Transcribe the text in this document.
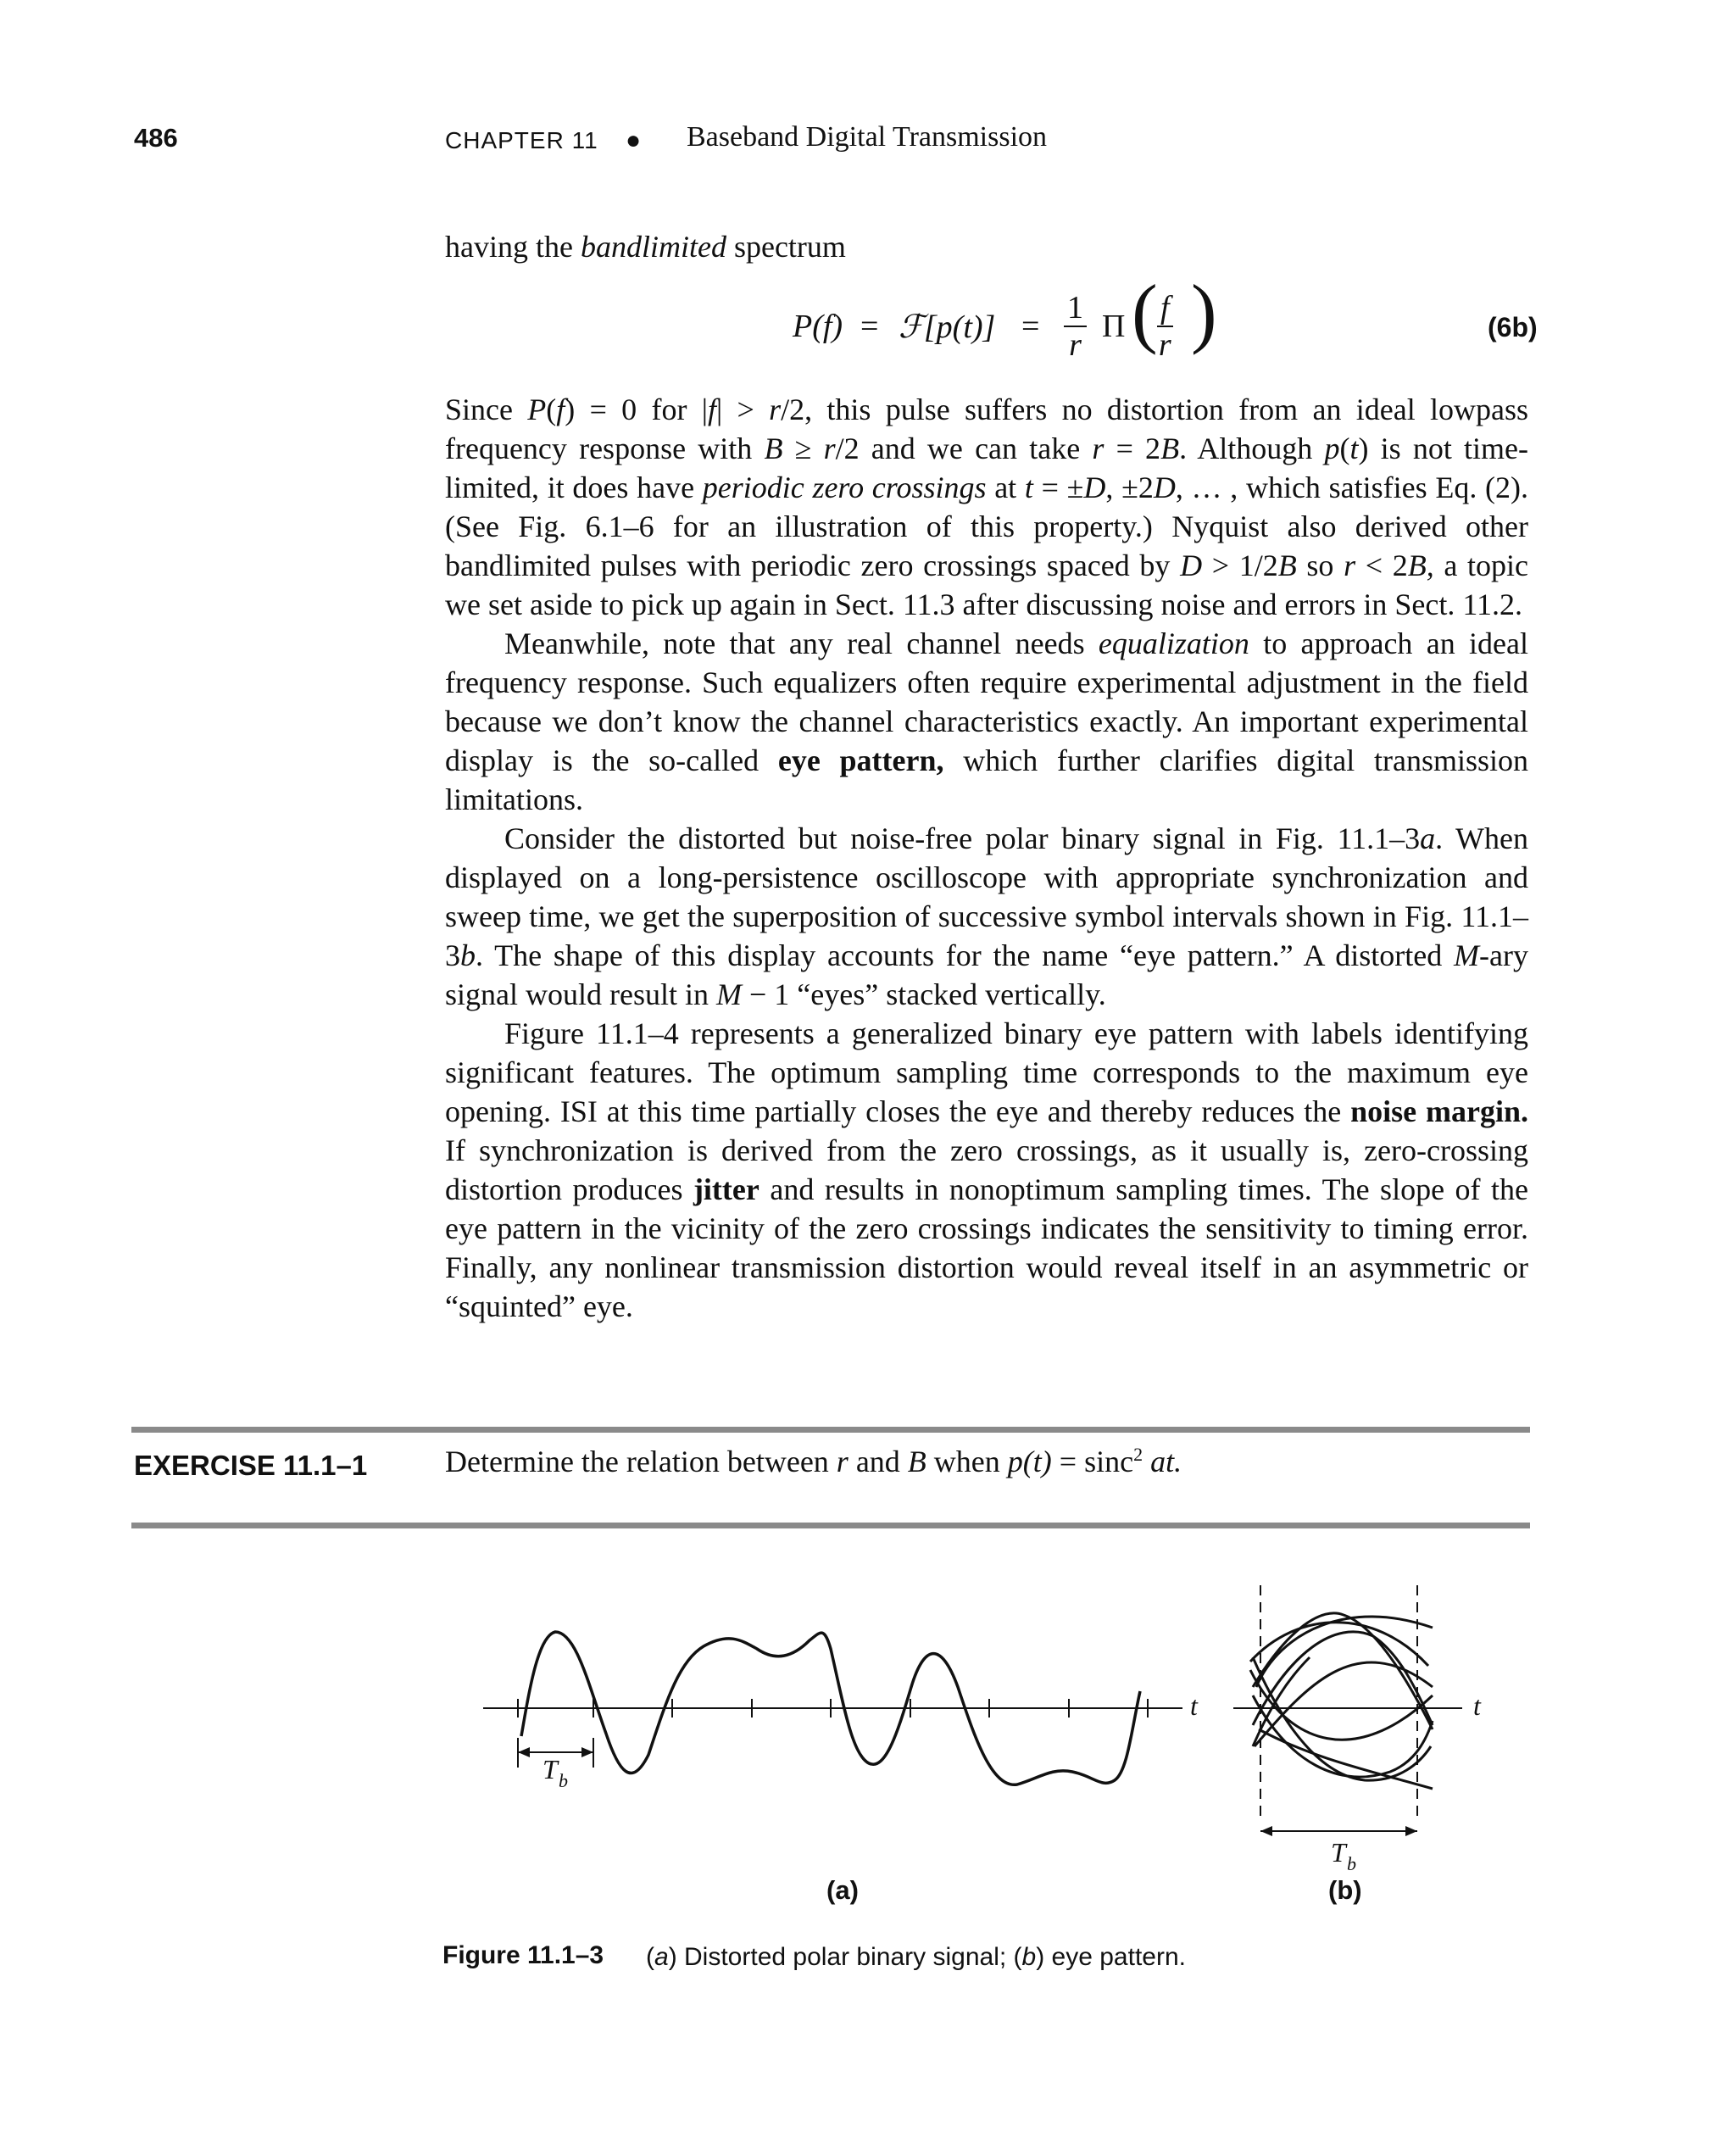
486	CHAPTER 11 ● Baseband Digital Transmission
having the bandlimited spectrum
P(f) = ℱ[p(t)] = $\frac{1}{r}$ Π ( $\frac{f}{r}$ )	(6b)

Since P(f) = 0 for |f| > r/2, this pulse suffers no distortion from an ideal lowpass frequency response with B ≥ r/2 and we can take r = 2B. Although p(t) is not time-limited, it does have periodic zero crossings at t = ±D, ±2D, … , which satisfies Eq. (2). (See Fig. 6.1–6 for an illustration of this property.) Nyquist also derived other bandlimited pulses with periodic zero crossings spaced by D > 1/2B so r < 2B, a topic we set aside to pick up again in Sect. 11.3 after discussing noise and errors in Sect. 11.2.

Meanwhile, note that any real channel needs equalization to approach an ideal frequency response. Such equalizers often require experimental adjustment in the field because we don’t know the channel characteristics exactly. An important experimental display is the so-called eye pattern, which further clarifies digital transmission limitations.

Consider the distorted but noise-free polar binary signal in Fig. 11.1–3a. When displayed on a long-persistence oscilloscope with appropriate synchronization and sweep time, we get the superposition of successive symbol intervals shown in Fig. 11.1–3b. The shape of this display accounts for the name “eye pattern.” A distorted M-ary signal would result in M − 1 “eyes” stacked vertically.

Figure 11.1–4 represents a generalized binary eye pattern with labels identifying significant features. The optimum sampling time corresponds to the maximum eye opening. ISI at this time partially closes the eye and thereby reduces the noise margin. If synchronization is derived from the zero crossings, as it usually is, zero-crossing distortion produces jitter and results in nonoptimum sampling times. The slope of the eye pattern in the vicinity of the zero crossings indicates the sensitivity to timing error. Finally, any nonlinear transmission distortion would reveal itself in an asymmetric or “squinted” eye.

EXERCISE 11.1–1	Determine the relation between r and B when p(t) = sinc$^2$ at.
t	t
T b
T b
(a)	(b)
Figure 11.1–3 (a) Distorted polar binary signal; (b) eye pattern.
